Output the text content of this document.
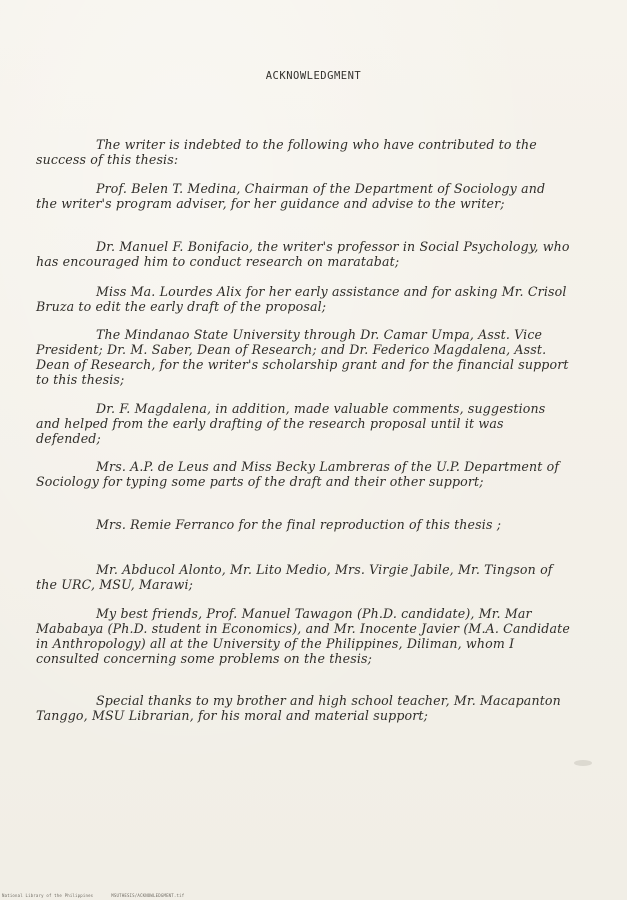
ACKNOWLEDGMENT
The writer is indebted to the following who have contributed to the success of this thesis:
Prof. Belen T. Medina, Chairman of the Department of Sociology and the writer's program adviser, for her guidance and advise to the writer;
Dr. Manuel F. Bonifacio, the writer's professor in Social Psychology, who has encouraged him to conduct research on maratabat;
Miss Ma. Lourdes Alix for her early assistance and for asking Mr. Crisol Bruza to edit the early draft of the proposal;
The Mindanao State University through Dr. Camar Umpa, Asst. Vice President; Dr. M. Saber, Dean of Research; and Dr. Federico Magdalena, Asst. Dean of Research, for the writer's scholarship grant and for the financial support to this thesis;
Dr. F. Magdalena, in addition, made valuable comments, suggestions and helped from the early drafting of the research proposal until it was defended;
Mrs. A.P. de Leus and Miss Becky Lambreras of the U.P. Department of Sociology for typing some parts of the draft and their other support;
Mrs. Remie Ferranco for the final reproduction of this thesis ;
Mr. Abducol Alonto, Mr. Lito Medio, Mrs. Virgie Jabile, Mr. Tingson of the URC, MSU, Marawi;
My best friends, Prof. Manuel Tawagon (Ph.D. candidate), Mr. Mar Mababaya (Ph.D. student in Economics), and Mr. Inocente Javier (M.A. Candidate in Anthropology) all at the University of the Philippines, Diliman, whom I consulted concerning some problems on the thesis;
Special thanks to my brother and high school teacher, Mr. Macapanton Tanggo, MSU Librarian, for his moral and material support;
National Library of the Philippines	MSUTHESIS/ACKNOWLEDGMENT.tif
